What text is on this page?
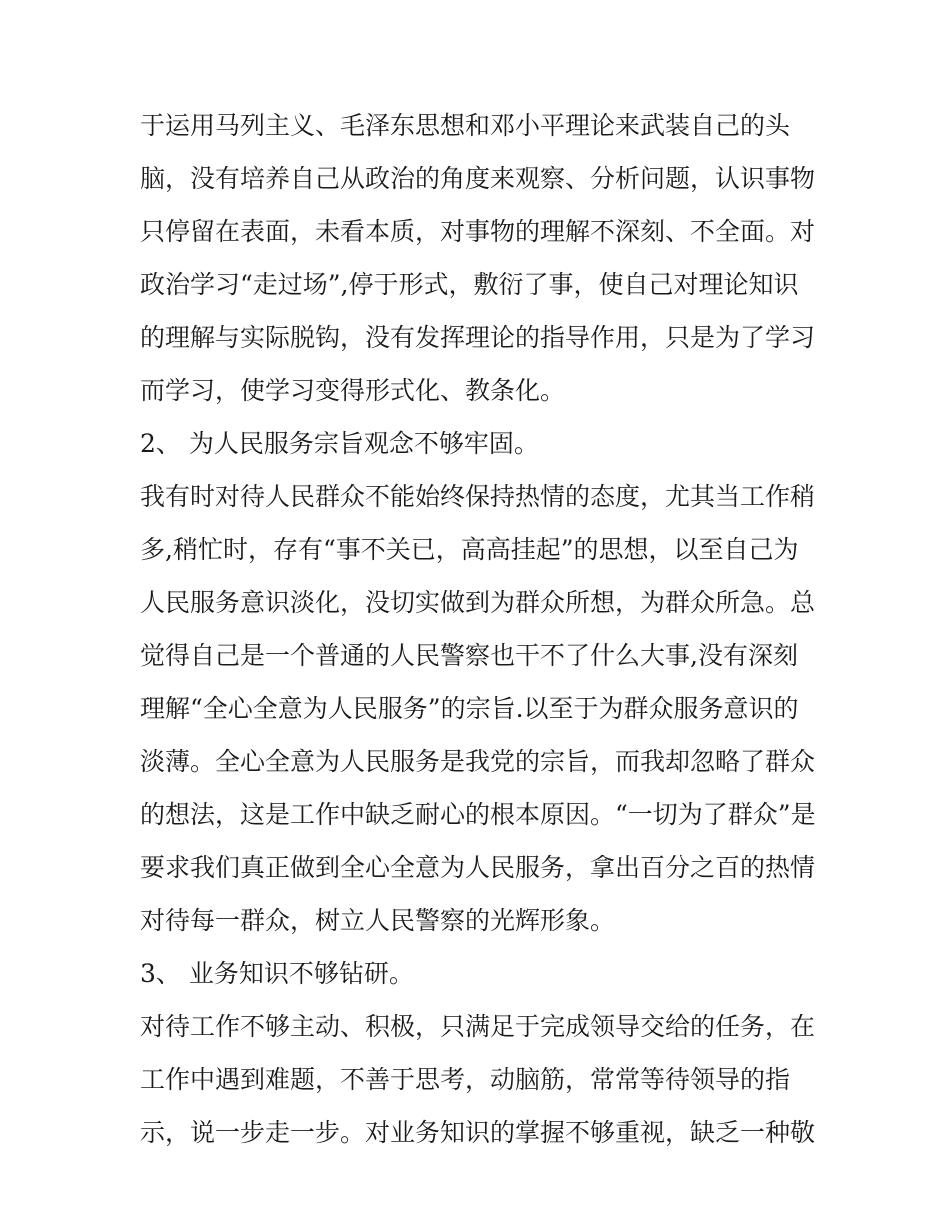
于运用马列主义、毛泽东思想和邓小平理论来武装自己的头
脑，没有培养自己从政治的角度来观察、分析问题，认识事物
只停留在表面，未看本质，对事物的理解不深刻、不全面。对
政治学习“走过场”,停于形式，敷衍了事，使自己对理论知识
的理解与实际脱钩，没有发挥理论的指导作用，只是为了学习
而学习，使学习变得形式化、教条化。
2、 为人民服务宗旨观念不够牢固。
我有时对待人民群众不能始终保持热情的态度，尤其当工作稍
多,稍忙时，存有“事不关已，高高挂起”的思想，以至自己为
人民服务意识淡化，没切实做到为群众所想，为群众所急。总
觉得自己是一个普通的人民警察也干不了什么大事,没有深刻
理解“全心全意为人民服务”的宗旨.以至于为群众服务意识的
淡薄。全心全意为人民服务是我党的宗旨，而我却忽略了群众
的想法，这是工作中缺乏耐心的根本原因。“一切为了群众”是
要求我们真正做到全心全意为人民服务，拿出百分之百的热情
对待每一群众，树立人民警察的光辉形象。
3、 业务知识不够钻研。
对待工作不够主动、积极，只满足于完成领导交给的任务，在
工作中遇到难题，不善于思考，动脑筋，常常等待领导的指
示，说一步走一步。对业务知识的掌握不够重视，缺乏一种敬
